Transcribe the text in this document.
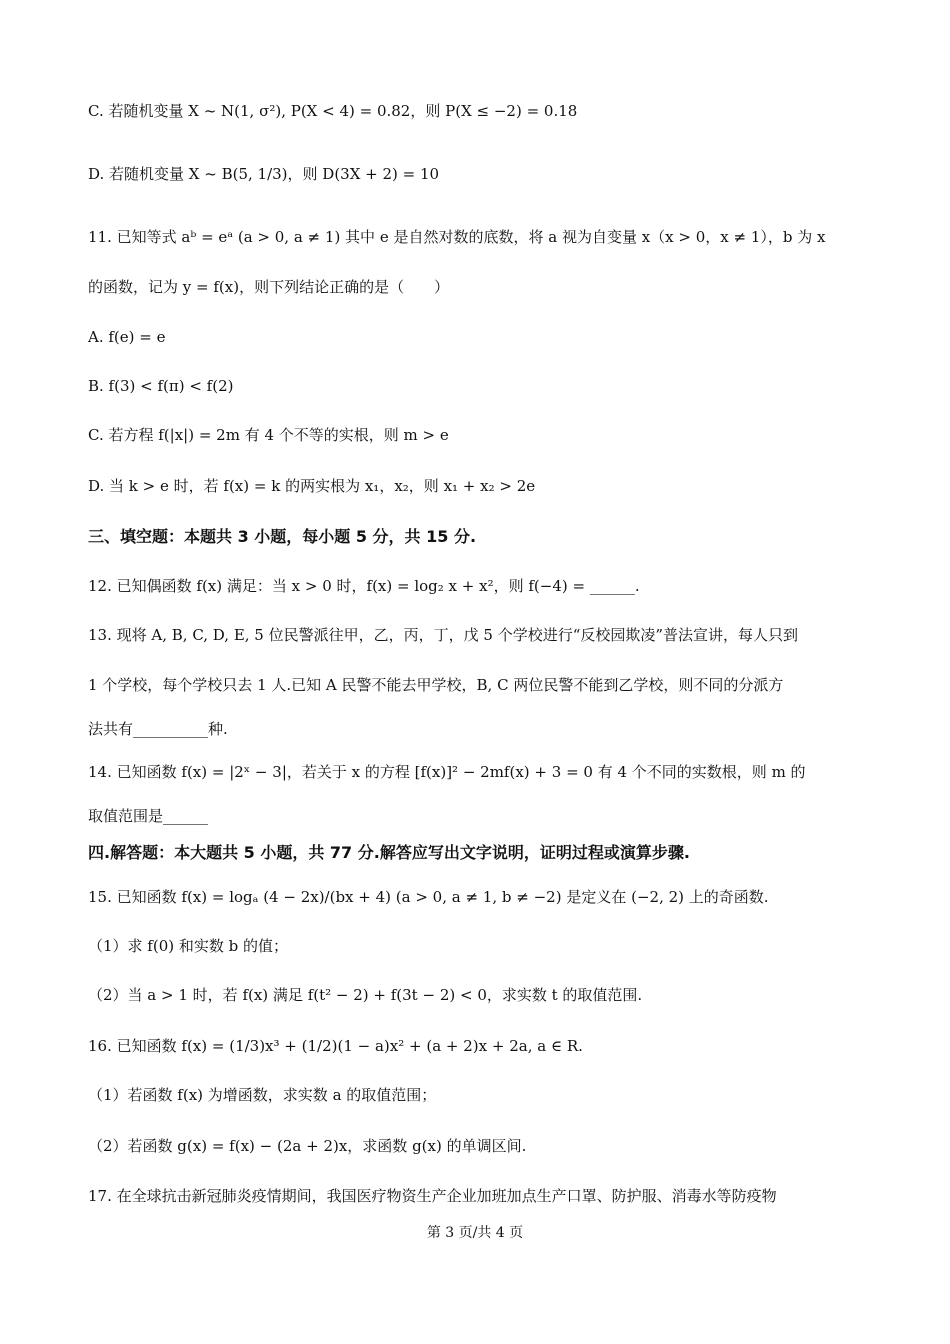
C. 若随机变量 X ~ N(1, σ²), P(X < 4) = 0.82，则 P(X ≤ −2) = 0.18
D. 若随机变量 X ~ B(5, 1/3)，则 D(3X + 2) = 10
11. 已知等式 aᵇ = eᵃ (a > 0, a ≠ 1) 其中 e 是自然对数的底数，将 a 视为自变量 x（x > 0，x ≠ 1），b 为 x
的函数，记为 y = f(x)，则下列结论正确的是（　　）
A. f(e) = e
B. f(3) < f(π) < f(2)
C. 若方程 f(|x|) = 2m 有 4 个不等的实根，则 m > e
D. 当 k > e 时，若 f(x) = k 的两实根为 x₁，x₂，则 x₁ + x₂ > 2e
三、填空题：本题共 3 小题，每小题 5 分，共 15 分.
12. 已知偶函数 f(x) 满足：当 x > 0 时，f(x) = log₂ x + x²，则 f(−4) = ______.
13. 现将 A, B, C, D, E, 5 位民警派往甲，乙，丙，丁，戊 5 个学校进行“反校园欺凌”普法宣讲，每人只到
1 个学校，每个学校只去 1 人.已知 A 民警不能去甲学校，B, C 两位民警不能到乙学校，则不同的分派方
法共有__________种.
14. 已知函数 f(x) = |2ˣ − 3|，若关于 x 的方程 [f(x)]² − 2mf(x) + 3 = 0 有 4 个不同的实数根，则 m 的
取值范围是______
四.解答题：本大题共 5 小题，共 77 分.解答应写出文字说明，证明过程或演算步骤.
15. 已知函数 f(x) = logₐ (4 − 2x)/(bx + 4) (a > 0, a ≠ 1, b ≠ −2) 是定义在 (−2, 2) 上的奇函数.
（1）求 f(0) 和实数 b 的值；
（2）当 a > 1 时，若 f(x) 满足 f(t² − 2) + f(3t − 2) < 0，求实数 t 的取值范围.
16. 已知函数 f(x) = (1/3)x³ + (1/2)(1 − a)x² + (a + 2)x + 2a, a ∈ R.
（1）若函数 f(x) 为增函数，求实数 a 的取值范围；
（2）若函数 g(x) = f(x) − (2a + 2)x，求函数 g(x) 的单调区间.
17. 在全球抗击新冠肺炎疫情期间，我国医疗物资生产企业加班加点生产口罩、防护服、消毒水等防疫物
第 3 页/共 4 页
